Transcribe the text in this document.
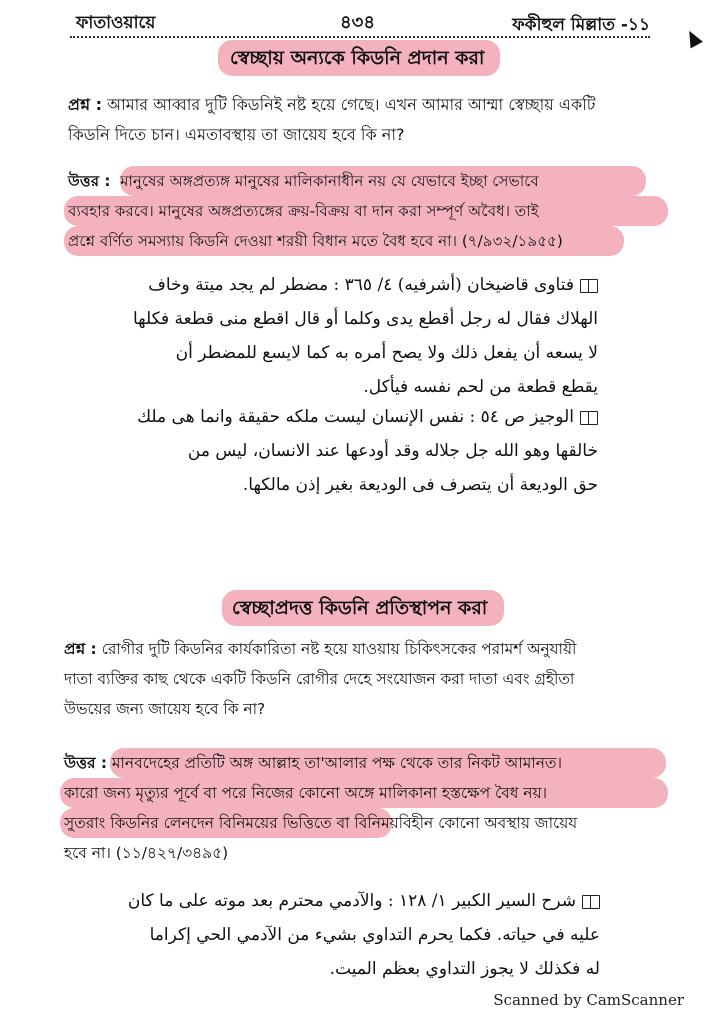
ফাতাওয়ায়ে	৪৩৪	ফকীহুল মিল্লাত -১১
স্বেচ্ছায় অন্যকে কিডনি প্রদান করা
প্রশ্ন : আমার আব্বার দুটি কিডনিই নষ্ট হয়ে গেছে। এখন আমার আম্মা স্বেচ্ছায় একটি
কিডনি দিতে চান। এমতাবস্থায় তা জায়েয হবে কি না?
উত্তর : মানুষের অঙ্গপ্রত্যঙ্গ মানুষের মালিকানাধীন নয় যে যেভাবে ইচ্ছা সেভাবে
ব্যবহার করবে। মানুষের অঙ্গপ্রত্যঙ্গের ক্রয়-বিক্রয় বা দান করা সম্পূর্ণ অবৈধ। তাই
প্রশ্নে বর্ণিত সমস্যায় কিডনি দেওয়া শরয়ী বিধান মতে বৈধ হবে না। (৭/৯৩২/১৯৫৫)
فتاوى قاضيخان (أشرفيه) ٤/ ٣٦٥ : مضطر لم يجد ميتة وخاف
الهلاك فقال له رجل أقطع يدى وكلما أو قال اقطع منى قطعة فكلها
لا يسعه أن يفعل ذلك ولا يصح أمره به كما لايسع للمضطر أن
يقطع قطعة من لحم نفسه فيأكل.
الوجيز ص ٥٤ : نفس الإنسان ليست ملكه حقيقة وانما هى ملك
خالقها وهو الله جل جلاله وقد أودعها عند الانسان، ليس من
حق الوديعة أن يتصرف فى الوديعة بغير إذن مالكها.
স্বেচ্ছাপ্রদত্ত কিডনি প্রতিস্থাপন করা
প্রশ্ন : রোগীর দুটি কিডনির কার্যকারিতা নষ্ট হয়ে যাওয়ায় চিকিৎসকের পরামর্শ অনুযায়ী
দাতা ব্যক্তির কাছ থেকে একটি কিডনি রোগীর দেহে সংযোজন করা দাতা এবং গ্রহীতা
উভয়ের জন্য জায়েয হবে কি না?
উত্তর : মানবদেহের প্রতিটি অঙ্গ আল্লাহ তা'আলার পক্ষ থেকে তার নিকট আমানত।
কারো জন্য মৃত্যুর পূর্বে বা পরে নিজের কোনো অঙ্গে মালিকানা হস্তক্ষেপ বৈধ নয়।
সুতরাং কিডনির লেনদেন বিনিময়ের ভিত্তিতে বা বিনিময়বিহীন কোনো অবস্থায় জায়েয
হবে না। (১১/৪২৭/৩৪৯৫)
شرح السير الكبير ١/ ١٢٨ : والآدمي محترم بعد موته على ما كان
عليه في حياته. فكما يحرم التداوي بشيء من الآدمي الحي إكراما
له فكذلك لا يجوز التداوي بعظم الميت.
Scanned by CamScanner
